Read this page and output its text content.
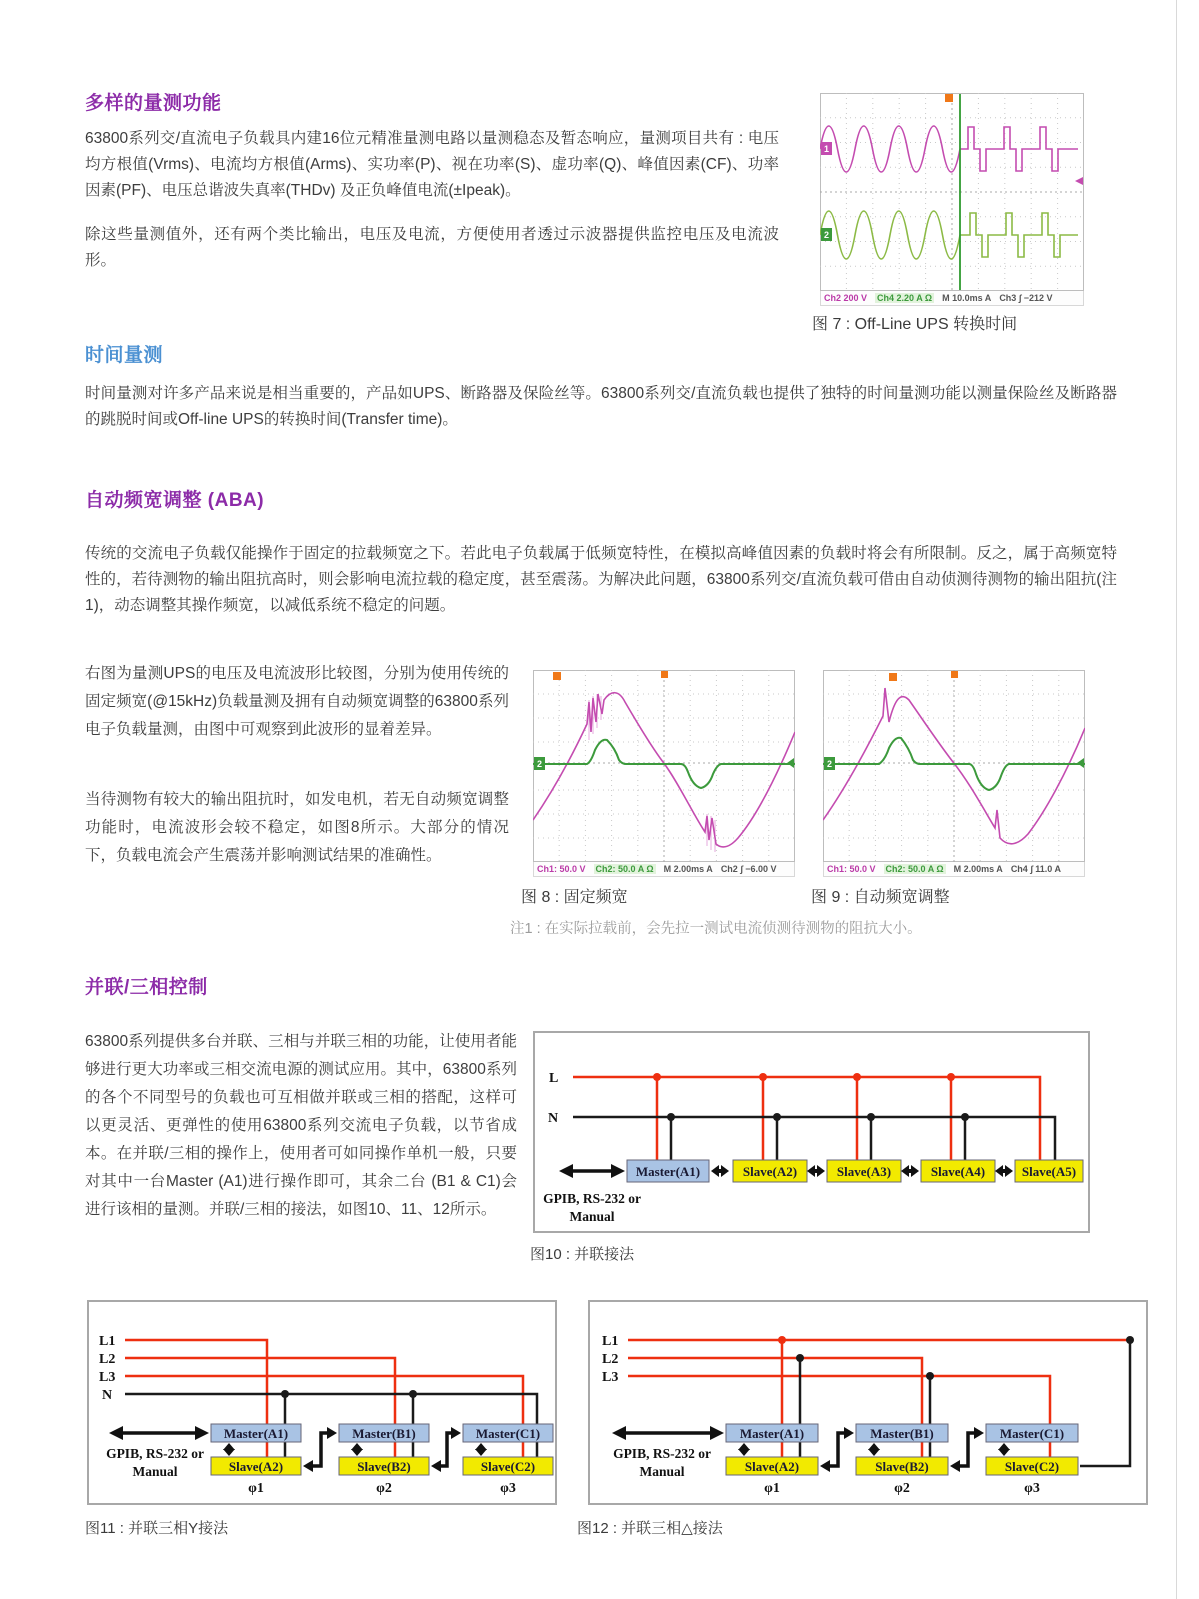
多样的量测功能
63800系列交/直流电子负载具内建16位元精准量测电路以量测稳态及暂态响应，量测项目共有 : 电压均方根值(Vrms)、电流均方根值(Arms)、实功率(P)、视在功率(S)、虚功率(Q)、峰值因素(CF)、功率因素(PF)、电压总谐波失真率(THDv) 及正负峰值电流(±Ipeak)。
除这些量测值外，还有两个类比输出，电压及电流，方便使用者透过示波器提供监控电压及电流波形。
1
2
Ch2 200 V Ch4 2.20 A Ω M 10.0ms A Ch3 ∫ −212 V
图 7 : Off-Line UPS 转换时间
时间量测
时间量测对许多产品来说是相当重要的，产品如UPS、断路器及保险丝等。63800系列交/直流负载也提供了独特的时间量测功能以测量保险丝及断路器的跳脱时间或Off-line UPS的转换时间(Transfer time)。
自动频宽调整 (ABA)
传统的交流电子负载仅能操作于固定的拉载频宽之下。若此电子负载属于低频宽特性，在模拟高峰值因素的负载时将会有所限制。反之，属于高频宽特性的，若待测物的输出阻抗高时，则会影响电流拉载的稳定度，甚至震荡。为解决此问题，63800系列交/直流负载可借由自动侦测待测物的输出阻抗(注1)，动态调整其操作频宽，以减低系统不稳定的问题。
右图为量测UPS的电压及电流波形比较图，分别为使用传统的固定频宽(@15kHz)负载量测及拥有自动频宽调整的63800系列电子负载量测，由图中可观察到此波形的显着差异。
当待测物有较大的输出阻抗时，如发电机，若无自动频宽调整功能时，电流波形会较不稳定，如图8所示。大部分的情况下，负载电流会产生震荡并影响测试结果的准确性。
2
Ch1: 50.0 V Ch2: 50.0 A Ω M 2.00ms A Ch2 ∫ −6.00 V
图 8 : 固定频宽
2
Ch1: 50.0 V Ch2: 50.0 A Ω M 2.00ms A Ch4 ∫ 11.0 A
图 9 : 自动频宽调整
注1 : 在实际拉载前，会先拉一测试电流侦测待测物的阻抗大小。
并联/三相控制
63800系列提供多台并联、三相与并联三相的功能，让使用者能够进行更大功率或三相交流电源的测试应用。其中，63800系列的各个不同型号的负载也可互相做并联或三相的搭配，这样可以更灵活、更弹性的使用63800系列交流电子负载，以节省成本。在并联/三相的操作上，使用者可如同操作单机一般，只要对其中一台Master (A1)进行操作即可，其余二台 (B1 & C1)会进行该相的量测。并联/三相的接法，如图10、11、12所示。
L
N
Master(A1)	Slave(A2)	Slave(A3)	Slave(A4)	Slave(A5)
GPIB, RS-232 or
Manual
图10 : 并联接法
L1
L2
L3
N
Master(A1)
Slave(A2)
Master(B1)
Slave(B2)
Master(C1)
Slave(C2)
GPIB, RS-232 or
Manual
φ1	φ2	φ3
图11 : 并联三相Y接法
L1
L2
L3
Master(A1)
Slave(A2)
Master(B1)
Slave(B2)
Master(C1)
Slave(C2)
GPIB, RS-232 or
Manual
φ1	φ2	φ3
图12 : 并联三相△接法
